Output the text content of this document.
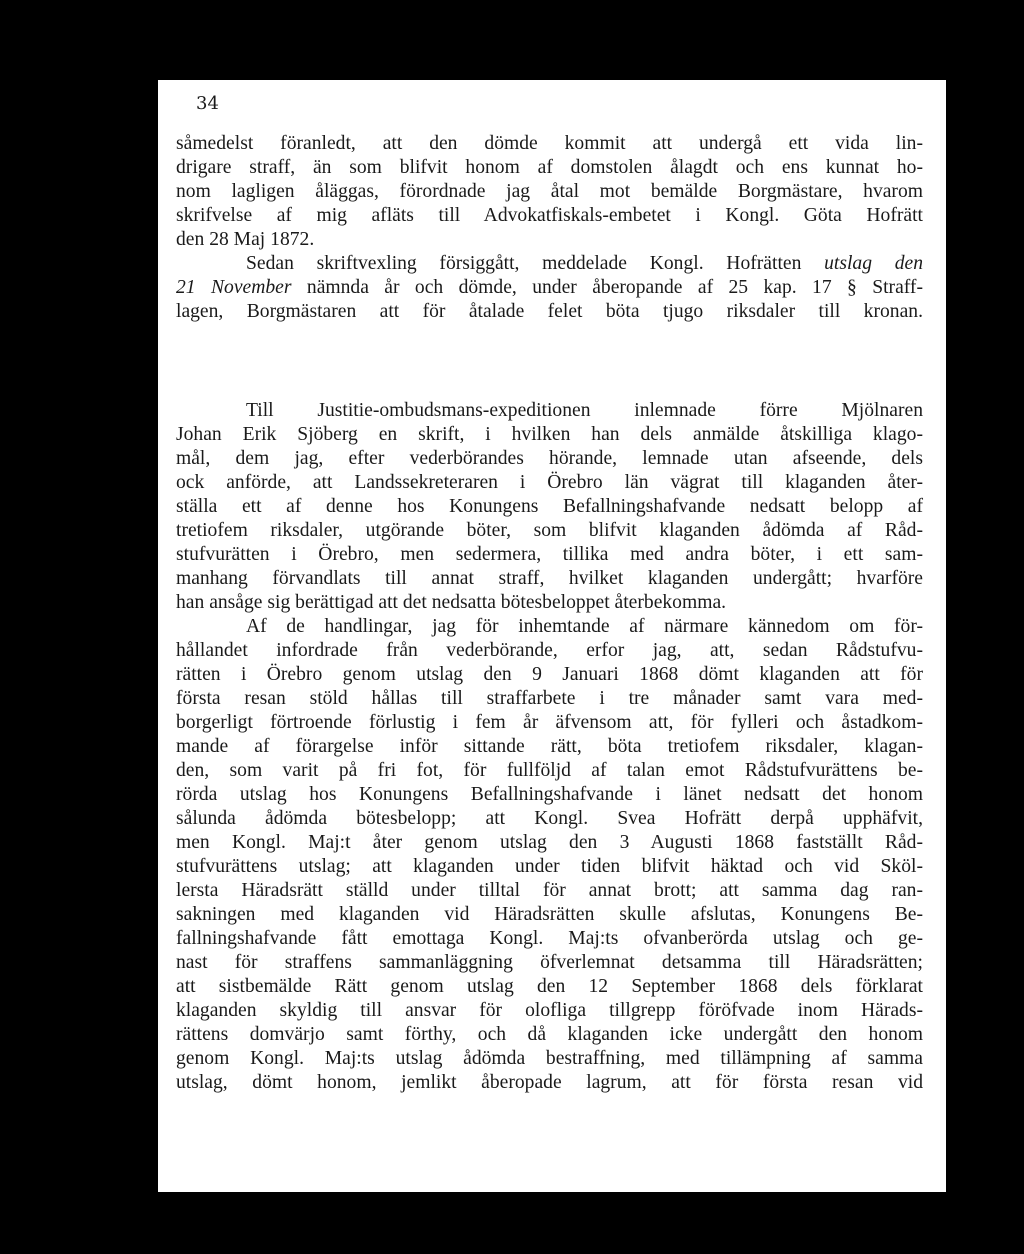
34
såmedelst föranledt, att den dömde kommit att undergå ett vida lin-
drigare straff, än som blifvit honom af domstolen ålagdt och ens kunnat ho-
nom lagligen åläggas, förordnade jag åtal mot bemälde Borgmästare, hvarom
skrifvelse af mig afläts till Advokatfiskals-embetet i Kongl. Göta Hofrätt
den 28 Maj 1872.
Sedan skriftvexling försiggått, meddelade Kongl. Hofrätten utslag den
21 November nämnda år och dömde, under åberopande af 25 kap. 17 § Straff-
lagen, Borgmästaren att för åtalade felet böta tjugo riksdaler till kronan.
Till Justitie-ombudsmans-expeditionen inlemnade förre Mjölnaren
Johan Erik Sjöberg en skrift, i hvilken han dels anmälde åtskilliga klago-
mål, dem jag, efter vederbörandes hörande, lemnade utan afseende, dels
ock anförde, att Landssekreteraren i Örebro län vägrat till klaganden åter-
ställa ett af denne hos Konungens Befallningshafvande nedsatt belopp af
tretiofem riksdaler, utgörande böter, som blifvit klaganden ådömda af Råd-
stufvurätten i Örebro, men sedermera, tillika med andra böter, i ett sam-
manhang förvandlats till annat straff, hvilket klaganden undergått; hvarföre
han ansåge sig berättigad att det nedsatta bötesbeloppet återbekomma.
Af de handlingar, jag för inhemtande af närmare kännedom om för-
hållandet infordrade från vederbörande, erfor jag, att, sedan Rådstufvu-
rätten i Örebro genom utslag den 9 Januari 1868 dömt klaganden att för
första resan stöld hållas till straffarbete i tre månader samt vara med-
borgerligt förtroende förlustig i fem år äfvensom att, för fylleri och åstadkom-
mande af förargelse inför sittande rätt, böta tretiofem riksdaler, klagan-
den, som varit på fri fot, för fullföljd af talan emot Rådstufvurättens be-
rörda utslag hos Konungens Befallningshafvande i länet nedsatt det honom
sålunda ådömda bötesbelopp; att Kongl. Svea Hofrätt derpå upphäfvit,
men Kongl. Maj:t åter genom utslag den 3 Augusti 1868 fastställt Råd-
stufvurättens utslag; att klaganden under tiden blifvit häktad och vid Sköl-
lersta Häradsrätt ställd under tilltal för annat brott; att samma dag ran-
sakningen med klaganden vid Häradsrätten skulle afslutas, Konungens Be-
fallningshafvande fått emottaga Kongl. Maj:ts ofvanberörda utslag och ge-
nast för straffens sammanläggning öfverlemnat detsamma till Häradsrätten;
att sistbemälde Rätt genom utslag den 12 September 1868 dels förklarat
klaganden skyldig till ansvar för olofliga tillgrepp föröfvade inom Härads-
rättens domvärjo samt förthy, och då klaganden icke undergått den honom
genom Kongl. Maj:ts utslag ådömda bestraffning, med tillämpning af samma
utslag, dömt honom, jemlikt åberopade lagrum, att för första resan vid
